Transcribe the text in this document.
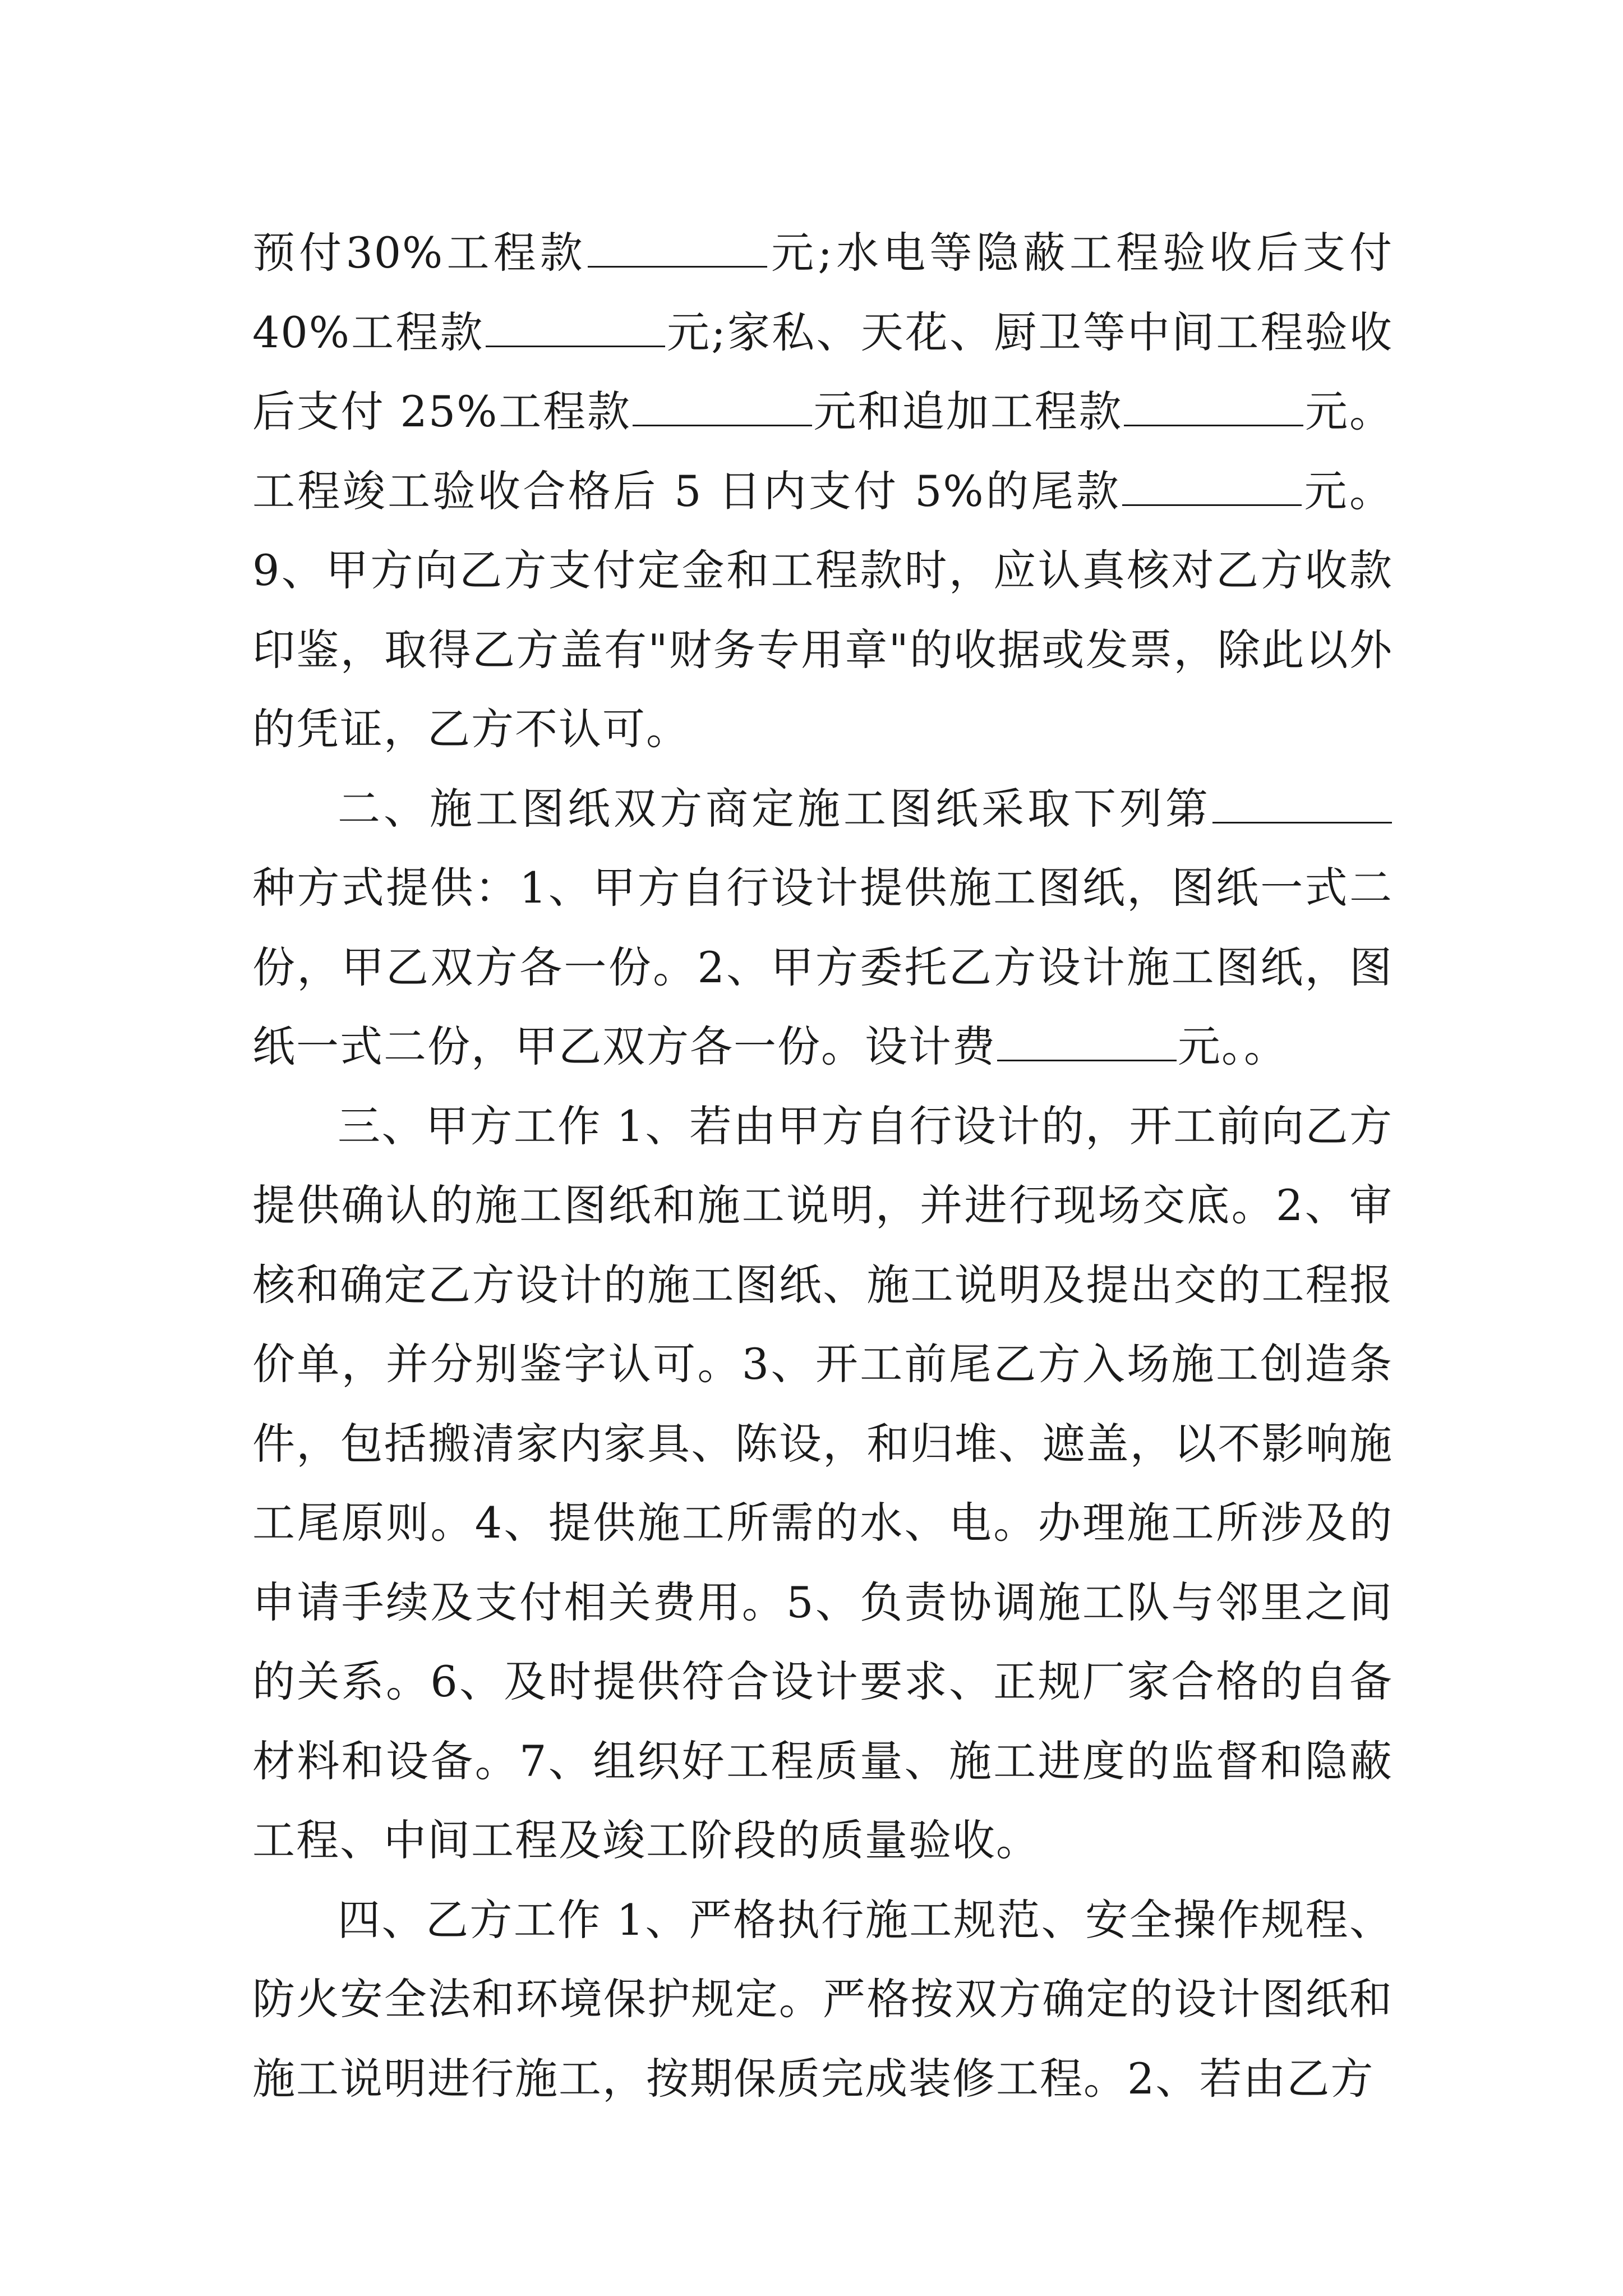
预付30%工程款	元;水电等隐蔽工程验收后支付40%工程款	元;家私、天花、厨卫等中间工程验收后支付 25%工程款	元和追加工程款	元。工程竣工验收合格后 5 日内支付 5%的尾款	元。9、甲方向乙方支付定金和工程款时，应认真核对乙方收款印鉴，取得乙方盖有"财务专用章"的收据或发票，除此以外的凭证，乙方不认可。

二、施工图纸双方商定施工图纸采取下列第种方式提供：1、甲方自行设计提供施工图纸，图纸一式二份，甲乙双方各一份。2、甲方委托乙方设计施工图纸，图纸一式二份，甲乙双方各一份。设计费	元。。

三、甲方工作 1、若由甲方自行设计的，开工前向乙方提供确认的施工图纸和施工说明，并进行现场交底。2、审核和确定乙方设计的施工图纸、施工说明及提出交的工程报价单，并分别鉴字认可。3、开工前尾乙方入场施工创造条件，包括搬清家内家具、陈设，和归堆、遮盖，以不影响施工尾原则。4、提供施工所需的水、电。办理施工所涉及的申请手续及支付相关费用。5、负责协调施工队与邻里之间的关系。6、及时提供符合设计要求、正规厂家合格的自备材料和设备。7、组织好工程质量、施工进度的监督和隐蔽工程、中间工程及竣工阶段的质量验收。

四、乙方工作 1、严格执行施工规范、安全操作规程、防火安全法和环境保护规定。严格按双方确定的设计图纸和施工说明进行施工，按期保质完成装修工程。2、若由乙方
